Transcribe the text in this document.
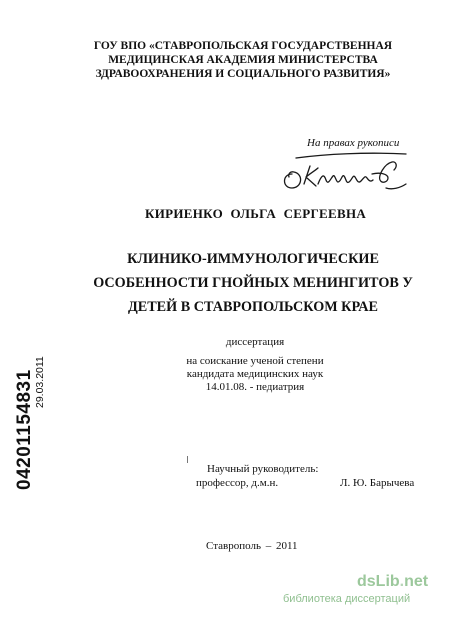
ГОУ ВПО «СТАВРОПОЛЬСКАЯ ГОСУДАРСТВЕННАЯ
МЕДИЦИНСКАЯ АКАДЕМИЯ МИНИСТЕРСТВА
ЗДРАВООХРАНЕНИЯ И СОЦИАЛЬНОГО РАЗВИТИЯ»
На правах рукописи
КИРИЕНКО ОЛЬГА СЕРГЕЕВНА
КЛИНИКО-ИММУНОЛОГИЧЕСКИЕ
ОСОБЕННОСТИ ГНОЙНЫХ МЕНИНГИТОВ У
ДЕТЕЙ В СТАВРОПОЛЬСКОМ КРАЕ
диссертация
на соискание ученой степени
кандидата медицинских наук
14.01.08. - педиатрия
04201154831 29.03.2011
Научный руководитель:
профессор, д.м.н.	Л. Ю. Барычева
Ставрополь – 2011
dsLib.net
библиотека диссертаций
